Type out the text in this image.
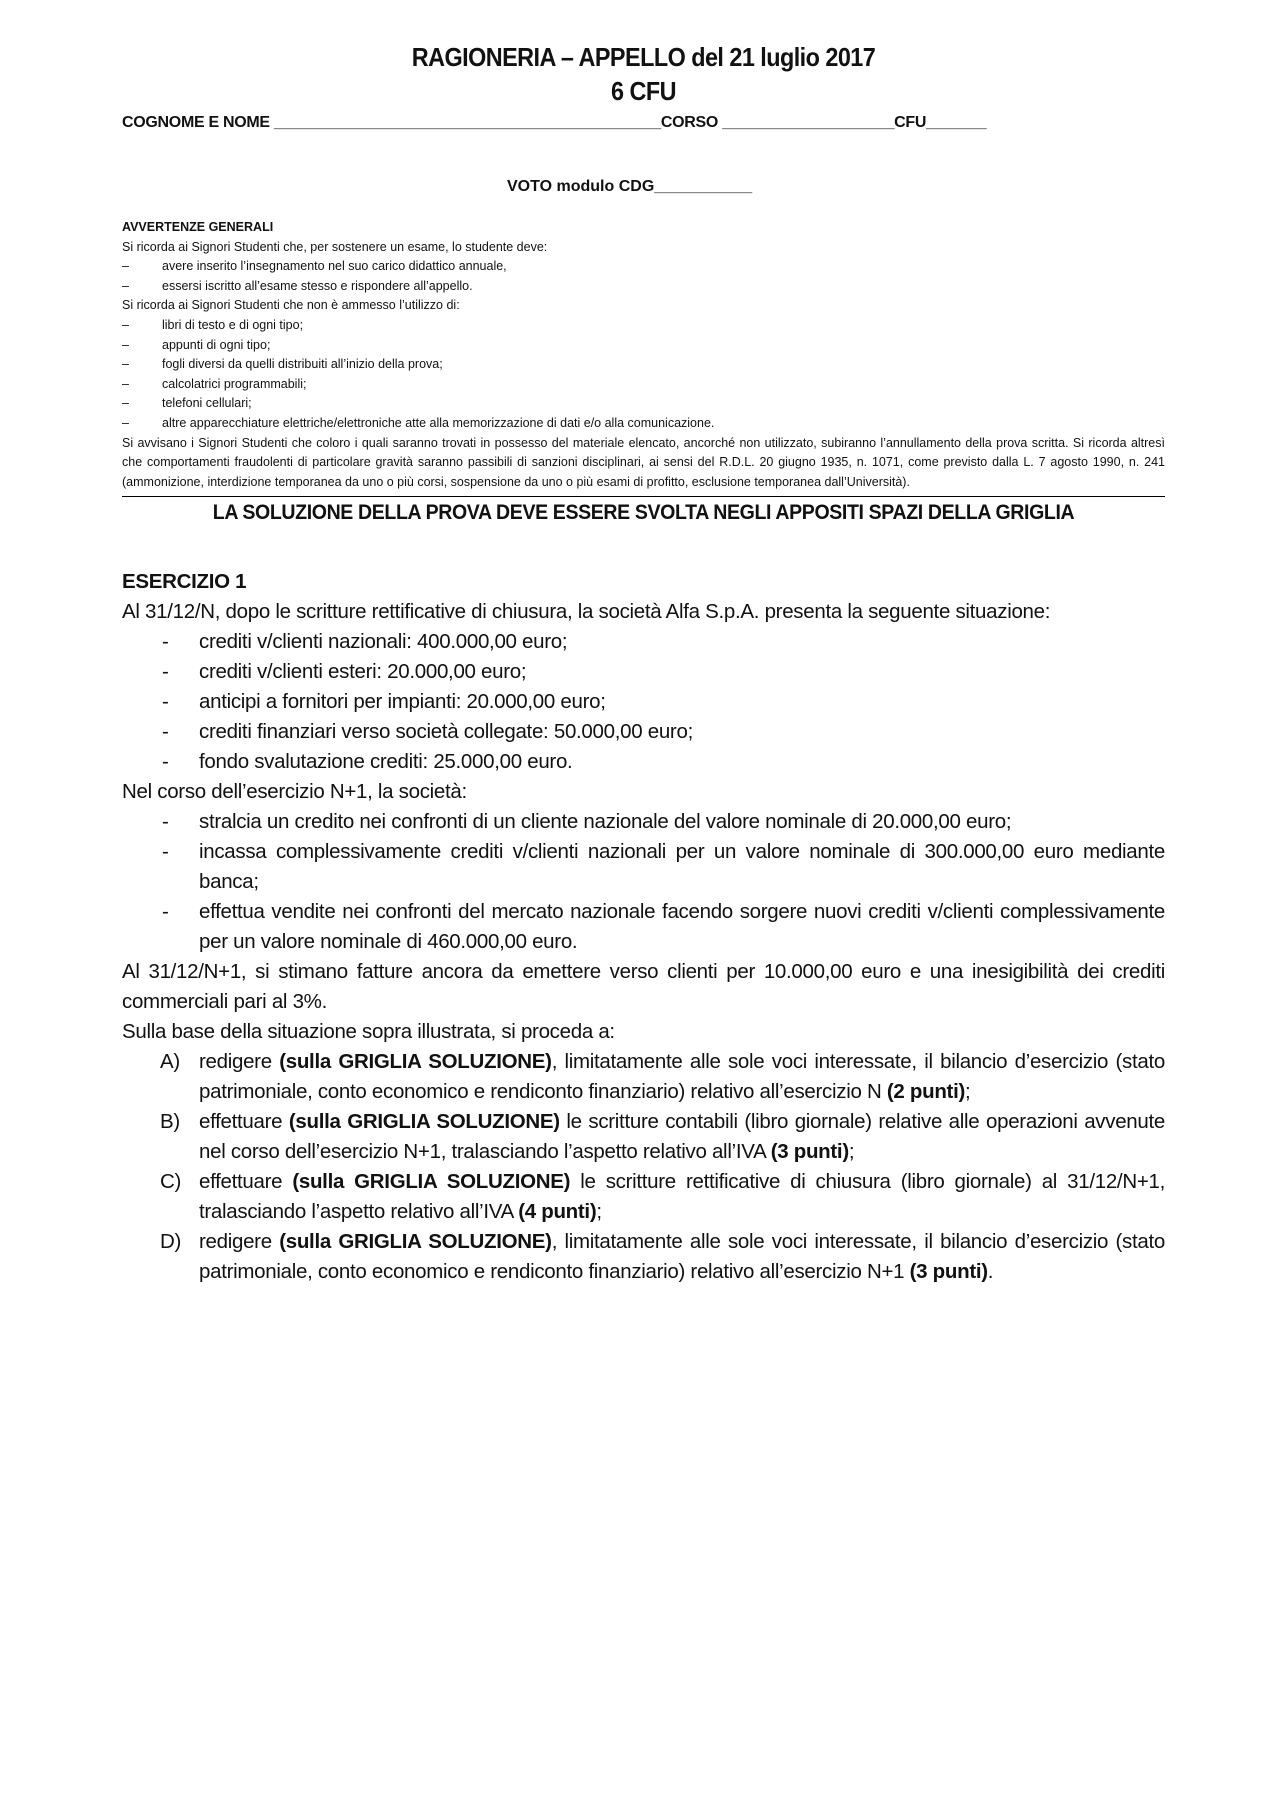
RAGIONERIA – APPELLO del 21 luglio 2017
6 CFU
COGNOME E NOME _____________________________________________CORSO ____________________CFU_______
VOTO modulo CDG___________
AVVERTENZE GENERALI
Si ricorda ai Signori Studenti che, per sostenere un esame, lo studente deve:
–	avere inserito l’insegnamento nel suo carico didattico annuale,
–	essersi iscritto all’esame stesso e rispondere all’appello.
Si ricorda ai Signori Studenti che non è ammesso l’utilizzo di:
–	libri di testo e di ogni tipo;
–	appunti di ogni tipo;
–	fogli diversi da quelli distribuiti all’inizio della prova;
–	calcolatrici programmabili;
–	telefoni cellulari;
–	altre apparecchiature elettriche/elettroniche atte alla memorizzazione di dati e/o alla comunicazione.
Si avvisano i Signori Studenti che coloro i quali saranno trovati in possesso del materiale elencato, ancorché non utilizzato, subiranno l’annullamento della prova scritta. Si ricorda altresì che comportamenti fraudolenti di particolare gravità saranno passibili di sanzioni disciplinari, ai sensi del R.D.L. 20 giugno 1935, n. 1071, come previsto dalla L. 7 agosto 1990, n. 241 (ammonizione, interdizione temporanea da uno o più corsi, sospensione da uno o più esami di profitto, esclusione temporanea dall’Università).
LA SOLUZIONE DELLA PROVA DEVE ESSERE SVOLTA NEGLI APPOSITI SPAZI DELLA GRIGLIA
ESERCIZIO 1

Al 31/12/N, dopo le scritture rettificative di chiusura, la società Alfa S.p.A. presenta la seguente situazione:

- crediti v/clienti nazionali: 400.000,00 euro;
- crediti v/clienti esteri: 20.000,00 euro;
- anticipi a fornitori per impianti: 20.000,00 euro;
- crediti finanziari verso società collegate: 50.000,00 euro;
- fondo svalutazione crediti: 25.000,00 euro.

Nel corso dell’esercizio N+1, la società:

- stralcia un credito nei confronti di un cliente nazionale del valore nominale di 20.000,00 euro;
- incassa complessivamente crediti v/clienti nazionali per un valore nominale di 300.000,00 euro mediante banca;
- effettua vendite nei confronti del mercato nazionale facendo sorgere nuovi crediti v/clienti complessivamente per un valore nominale di 460.000,00 euro.

Al 31/12/N+1, si stimano fatture ancora da emettere verso clienti per 10.000,00 euro e una inesigibilità dei crediti commerciali pari al 3%.

Sulla base della situazione sopra illustrata, si proceda a:

A) redigere (sulla GRIGLIA SOLUZIONE), limitatamente alle sole voci interessate, il bilancio d’esercizio (stato patrimoniale, conto economico e rendiconto finanziario) relativo all’esercizio N (2 punti);
B) effettuare (sulla GRIGLIA SOLUZIONE) le scritture contabili (libro giornale) relative alle operazioni avvenute nel corso dell’esercizio N+1, tralasciando l’aspetto relativo all’IVA (3 punti);
C) effettuare (sulla GRIGLIA SOLUZIONE) le scritture rettificative di chiusura (libro giornale) al 31/12/N+1, tralasciando l’aspetto relativo all’IVA (4 punti);
D) redigere (sulla GRIGLIA SOLUZIONE), limitatamente alle sole voci interessate, il bilancio d’esercizio (stato patrimoniale, conto economico e rendiconto finanziario) relativo all’esercizio N+1 (3 punti).
